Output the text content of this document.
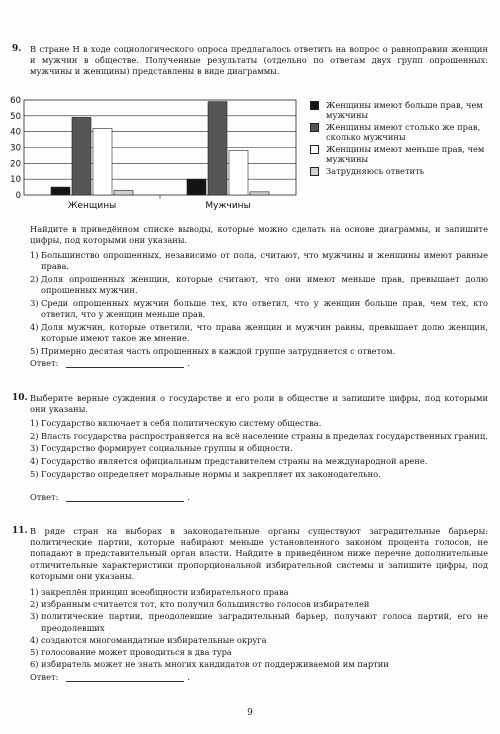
9. В стране Н в ходе социологического опроса предлагалось ответить на вопрос о равноправии женщин и мужчин в обществе. Полученные результаты (отдельно по ответам двух групп опрошенных: мужчины и женщины) представлены в виде диаграммы.
0
10
20
30
40
50
60
Женщины	Мужчины
Женщины имеют больше прав, чем мужчины
Женщины имеют столько же прав, сколько мужчины
Женщины имеют меньше прав, чем мужчины
Затрудняюсь ответить
Найдите в приведённом списке выводы, которые можно сделать на основе диаграммы, и запишите цифры, под которыми они указаны.
1) Большинство опрошенных, независимо от пола, считают, что мужчины и женщины имеют равные права.
2) Доля опрошенных женщин, которые считают, что они имеют меньше прав, превышает долю опрошенных мужчин.
3) Среди опрошенных мужчин больше тех, кто ответил, что у женщин больше прав, чем тех, кто ответил, что у женщин меньше прав.
4) Доля мужчин, которые ответили, что права женщин и мужчин равны, превышает долю женщин, которые имеют такое же мнение.
5) Примерно десятая часть опрошенных в каждой группе затрудняется с ответом.
Ответ:	.
10. Выберите верные суждения о государстве и его роли в обществе и запишите цифры, под которыми они указаны.
1) Государство включает в себя политическую систему общества.
2) Власть государства распространяется на всё население страны в пределах государственных границ.
3) Государство формирует социальные группы и общности.
4) Государство является официальным представителем страны на международной арене.
5) Государство определяет моральные нормы и закрепляет их законодательно.
Ответ:	.
11. В ряде стран на выборах в законодательные органы существуют заградительные барьеры: политические партии, которые набирают меньше установленного законом процента голосов, не попадают в представительный орган власти. Найдите в приведённом ниже перечне дополнительные отличительные характеристики пропорциональной избирательной системы и запишите цифры, под которыми они указаны.
1) закреплён принцип всеобщности избирательного права
2) избранным считается тот, кто получил большинство голосов избирателей
3) политические партии, преодолевшие заградительный барьер, получают голоса партий, его не преодолевших
4) создаются многомандатные избирательные округа
5) голосование может проводиться в два тура
6) избиратель может не знать многих кандидатов от поддерживаемой им партии
Ответ:	.
9
